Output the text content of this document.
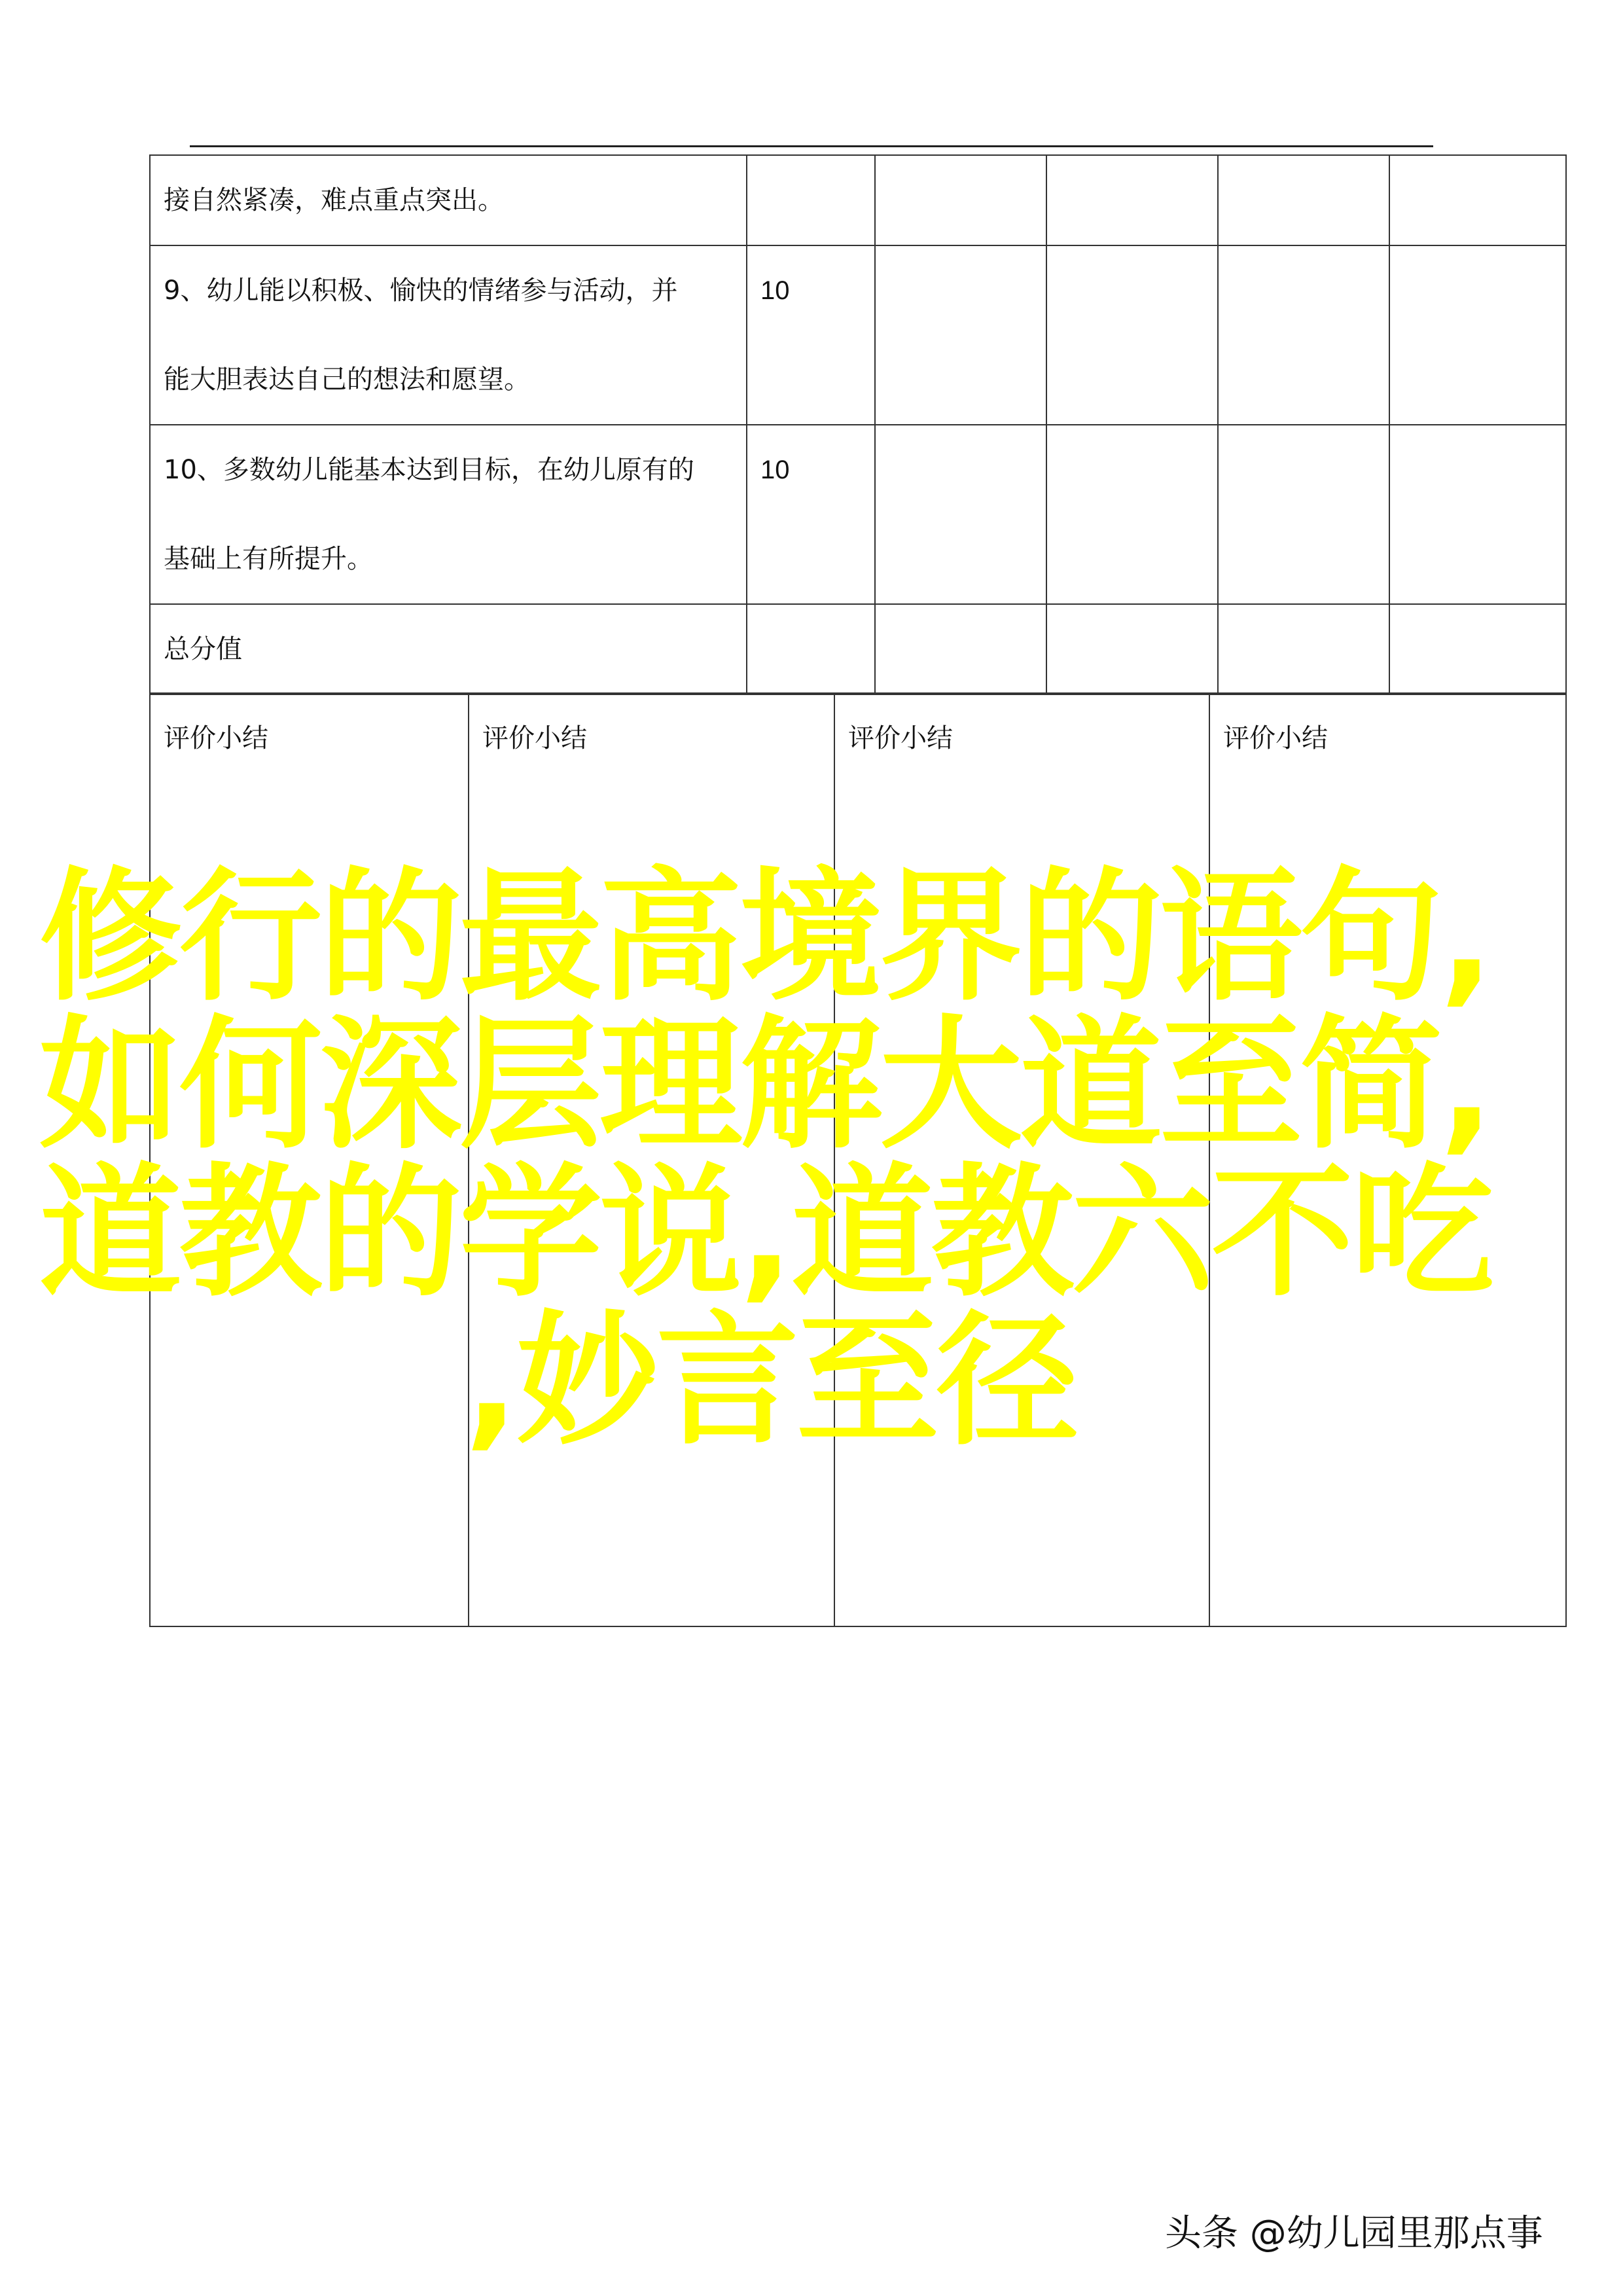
接自然紧凑，难点重点突出。					

9、幼儿能以积极、愉快的情绪参与活动，并
能大胆表达自己的想法和愿望。	10				

10、多数幼儿能基本达到目标，在幼儿原有的
基础上有所提升。	10				
总分值					
评价小结	评价小结	评价小结	评价小结
修行的最高境界的语句,
如何深层理解大道至简,
道教的学说,道教六不吃
,妙言至径
头条 @幼儿园里那点事
